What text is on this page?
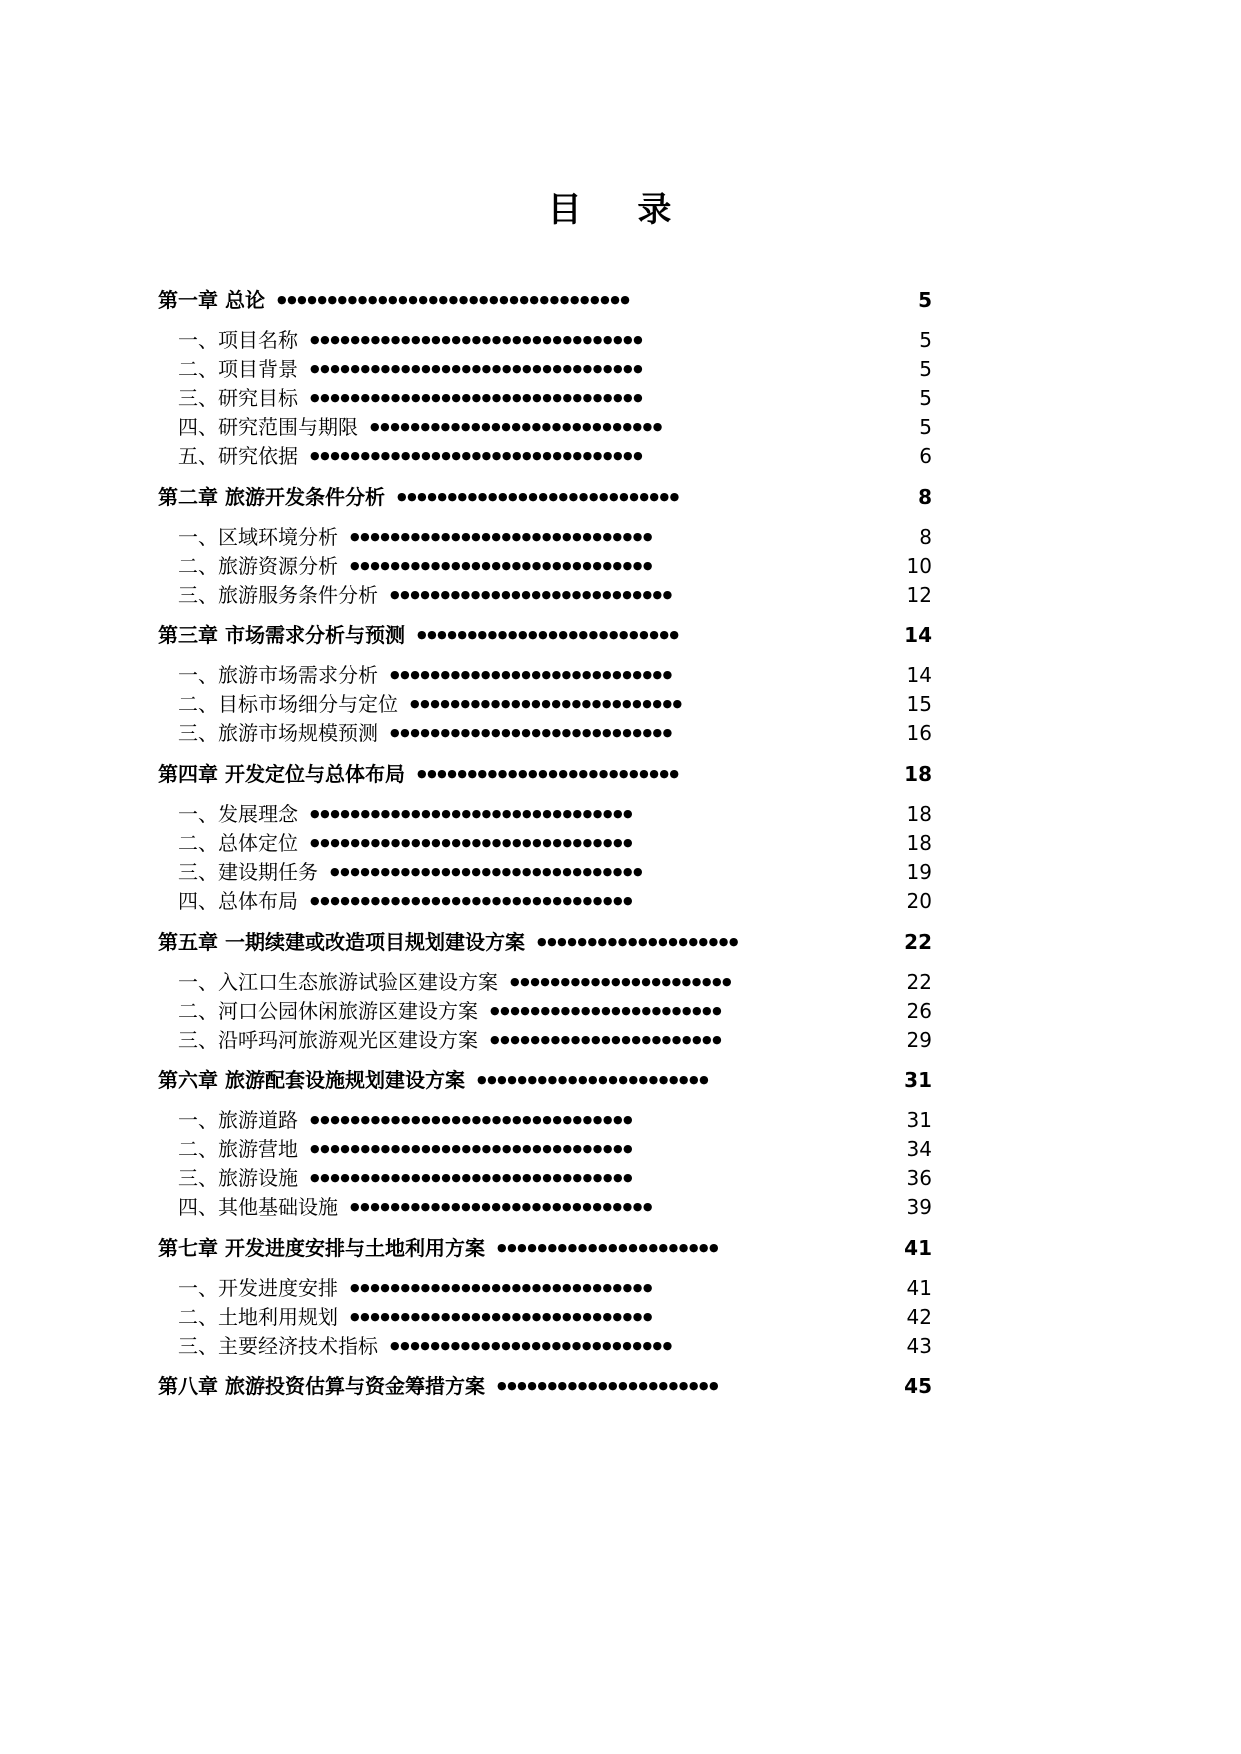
目 录
第一章 总论 ●●●●●●●●●●●●●●●●●●●●●●●●●●●●●●●●●●●	5
一、项目名称 ●●●●●●●●●●●●●●●●●●●●●●●●●●●●●●●●●	5
二、项目背景 ●●●●●●●●●●●●●●●●●●●●●●●●●●●●●●●●●	5
三、研究目标 ●●●●●●●●●●●●●●●●●●●●●●●●●●●●●●●●●	5
四、研究范围与期限 ●●●●●●●●●●●●●●●●●●●●●●●●●●●●●	5
五、研究依据 ●●●●●●●●●●●●●●●●●●●●●●●●●●●●●●●●●	6
第二章 旅游开发条件分析 ●●●●●●●●●●●●●●●●●●●●●●●●●●●●	8
一、区域环境分析 ●●●●●●●●●●●●●●●●●●●●●●●●●●●●●●	8
二、旅游资源分析 ●●●●●●●●●●●●●●●●●●●●●●●●●●●●●●	10
三、旅游服务条件分析 ●●●●●●●●●●●●●●●●●●●●●●●●●●●●	12
第三章 市场需求分析与预测 ●●●●●●●●●●●●●●●●●●●●●●●●●●	14
一、旅游市场需求分析 ●●●●●●●●●●●●●●●●●●●●●●●●●●●●	14
二、目标市场细分与定位 ●●●●●●●●●●●●●●●●●●●●●●●●●●●	15
三、旅游市场规模预测 ●●●●●●●●●●●●●●●●●●●●●●●●●●●●	16
第四章 开发定位与总体布局 ●●●●●●●●●●●●●●●●●●●●●●●●●●	18
一、发展理念 ●●●●●●●●●●●●●●●●●●●●●●●●●●●●●●●●	18
二、总体定位 ●●●●●●●●●●●●●●●●●●●●●●●●●●●●●●●●	18
三、建设期任务 ●●●●●●●●●●●●●●●●●●●●●●●●●●●●●●●	19
四、总体布局 ●●●●●●●●●●●●●●●●●●●●●●●●●●●●●●●●	20
第五章 一期续建或改造项目规划建设方案 ●●●●●●●●●●●●●●●●●●●●	22
一、入江口生态旅游试验区建设方案 ●●●●●●●●●●●●●●●●●●●●●●	22
二、河口公园休闲旅游区建设方案 ●●●●●●●●●●●●●●●●●●●●●●●	26
三、沿呼玛河旅游观光区建设方案 ●●●●●●●●●●●●●●●●●●●●●●●	29
第六章 旅游配套设施规划建设方案 ●●●●●●●●●●●●●●●●●●●●●●●	31
一、旅游道路 ●●●●●●●●●●●●●●●●●●●●●●●●●●●●●●●●	31
二、旅游营地 ●●●●●●●●●●●●●●●●●●●●●●●●●●●●●●●●	34
三、旅游设施 ●●●●●●●●●●●●●●●●●●●●●●●●●●●●●●●●	36
四、其他基础设施 ●●●●●●●●●●●●●●●●●●●●●●●●●●●●●●	39
第七章 开发进度安排与土地利用方案 ●●●●●●●●●●●●●●●●●●●●●●	41
一、开发进度安排 ●●●●●●●●●●●●●●●●●●●●●●●●●●●●●●	41
二、土地利用规划 ●●●●●●●●●●●●●●●●●●●●●●●●●●●●●●	42
三、主要经济技术指标 ●●●●●●●●●●●●●●●●●●●●●●●●●●●●	43
第八章 旅游投资估算与资金筹措方案 ●●●●●●●●●●●●●●●●●●●●●●	45
